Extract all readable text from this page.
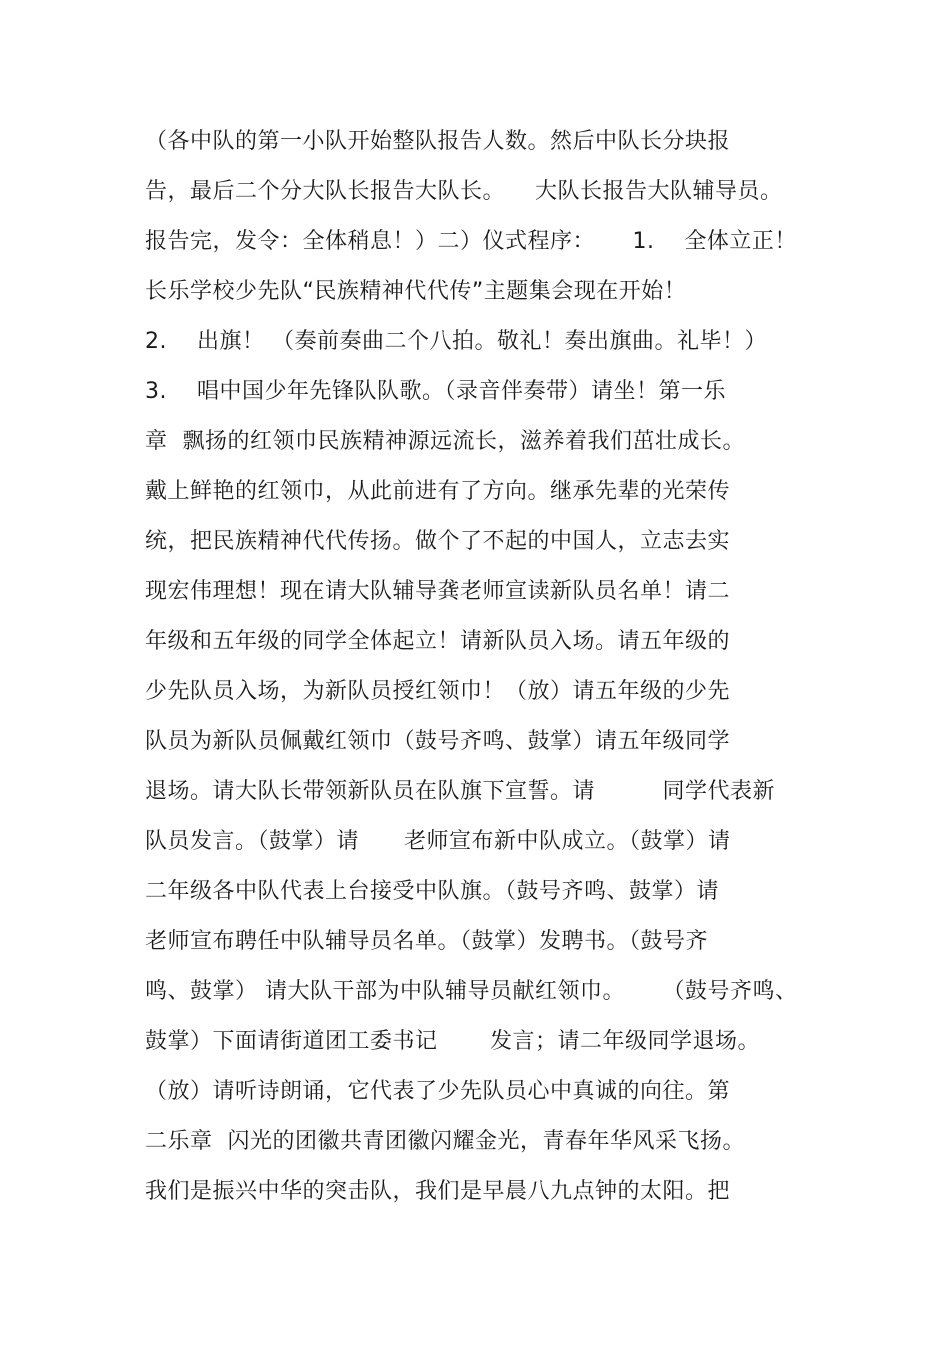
（各中队的第一小队开始整队报告人数。然后中队长分块报
告，最后二个分大队长报告大队长。    大队长报告大队辅导员。
报告完，发令：全体稍息！）二）仪式程序：     1.    全体立正！
长乐学校少先队“民族精神代代传”主题集会现在开始！
2.    出旗！ （奏前奏曲二个八拍。敬礼！奏出旗曲。礼毕！）
3.    唱中国少年先锋队队歌。（录音伴奏带）请坐！第一乐
章  飘扬的红领巾民族精神源远流长，滋养着我们茁壮成长。
戴上鲜艳的红领巾，从此前进有了方向。继承先辈的光荣传
统，把民族精神代代传扬。做个了不起的中国人，立志去实
现宏伟理想！现在请大队辅导龚老师宣读新队员名单！请二
年级和五年级的同学全体起立！请新队员入场。请五年级的
少先队员入场，为新队员授红领巾！（放）请五年级的少先
队员为新队员佩戴红领巾（鼓号齐鸣、鼓掌）请五年级同学
退场。请大队长带领新队员在队旗下宣誓。请         同学代表新
队员发言。（鼓掌）请      老师宣布新中队成立。（鼓掌）请
二年级各中队代表上台接受中队旗。（鼓号齐鸣、鼓掌）请
老师宣布聘任中队辅导员名单。（鼓掌）发聘书。（鼓号齐
鸣、鼓掌） 请大队干部为中队辅导员献红领巾。     （鼓号齐鸣、
鼓掌）下面请街道团工委书记       发言；请二年级同学退场。
（放）请听诗朗诵，它代表了少先队员心中真诚的向往。第
二乐章  闪光的团徽共青团徽闪耀金光，青春年华风采飞扬。
我们是振兴中华的突击队，我们是早晨八九点钟的太阳。把
